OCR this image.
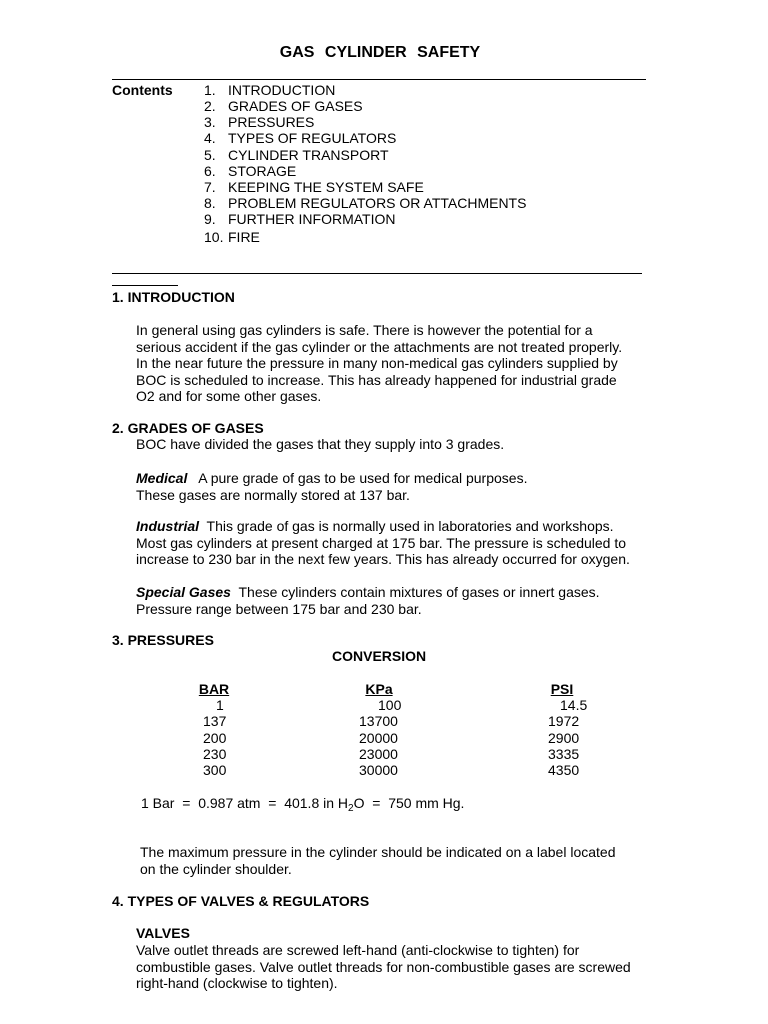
GAS CYLINDER SAFETY
Contents 1. INTRODUCTION
2. GRADES OF GASES
3. PRESSURES
4. TYPES OF REGULATORS
5. CYLINDER TRANSPORT
6. STORAGE
7. KEEPING THE SYSTEM SAFE
8. PROBLEM REGULATORS OR ATTACHMENTS
9. FURTHER INFORMATION
10. FIRE
1. INTRODUCTION
In general using gas cylinders is safe. There is however the potential for a
serious accident if the gas cylinder or the attachments are not treated properly.
In the near future the pressure in many non-medical gas cylinders supplied by
BOC is scheduled to increase. This has already happened for industrial grade
O2 and for some other gases.
2. GRADES OF GASES
BOC have divided the gases that they supply into 3 grades.
Medical   A pure grade of gas to be used for medical purposes.
These gases are normally stored at 137 bar.
Industrial  This grade of gas is normally used in laboratories and workshops.
Most gas cylinders at present charged at 175 bar. The pressure is scheduled to
increase to 230 bar in the next few years. This has already occurred for oxygen.
Special Gases  These cylinders contain mixtures of gases or innert gases.
Pressure range between 175 bar and 230 bar.
3. PRESSURES
CONVERSION
BAR	KPa	PSI
1	100	14.5
137	13700	1972
200	20000	2900
230	23000	3335
300	30000	4350
1 Bar  =  0.987 atm  =  401.8 in $H_2O = 750$ mm Hg.
The maximum pressure in the cylinder should be indicated on a label located
on the cylinder shoulder.
4. TYPES OF VALVES & REGULATORS
VALVES
Valve outlet threads are screwed left-hand (anti-clockwise to tighten) for
combustible gases. Valve outlet threads for non-combustible gases are screwed
right-hand (clockwise to tighten).
